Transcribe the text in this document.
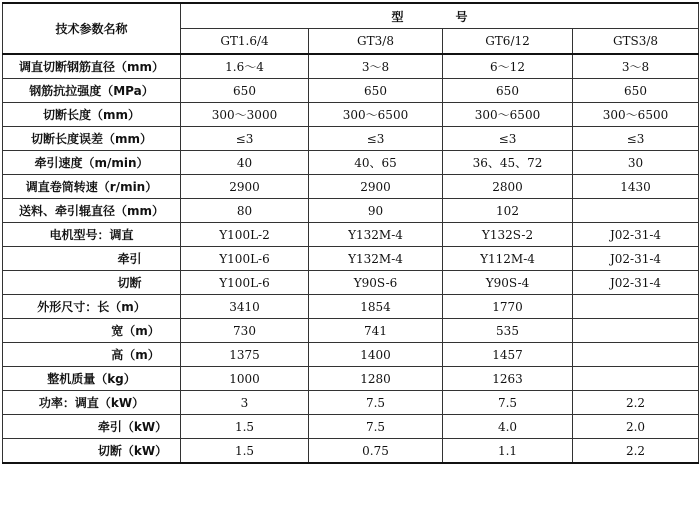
技术参数名称	型　号			
	GT1.6/4	GT3/8	GT6/12	GTS3/8
调直切断钢筋直径（mm）	1.6～4	3～8	6～12	3～8
钢筋抗拉强度（MPa）	650	650	650	650
切断长度（mm）	300～3000	300～6500	300～6500	300～6500
切断长度误差（mm）	≤3	≤3	≤3	≤3
牵引速度（m/min）	40	40、65	36、45、72	30
调直卷筒转速（r/min）	2900	2900	2800	1430
送料、牵引辊直径（mm）	80	90	102	
电机型号：调直	Y100L-2	Y132M-4	Y132S-2	J02-31-4
牵引	Y100L-6	Y132M-4	Y112M-4	J02-31-4
切断	Y100L-6	Y90S-6	Y90S-4	J02-31-4
外形尺寸：长（m）	3410	1854	1770	
宽（m）	730	741	535	
高（m）	1375	1400	1457	
整机质量（kg）	1000	1280	1263	
功率：调直（kW）	3	7.5	7.5	2.2
牵引（kW）	1.5	7.5	4.0	2.0
切断（kW）	1.5	0.75	1.1	2.2
